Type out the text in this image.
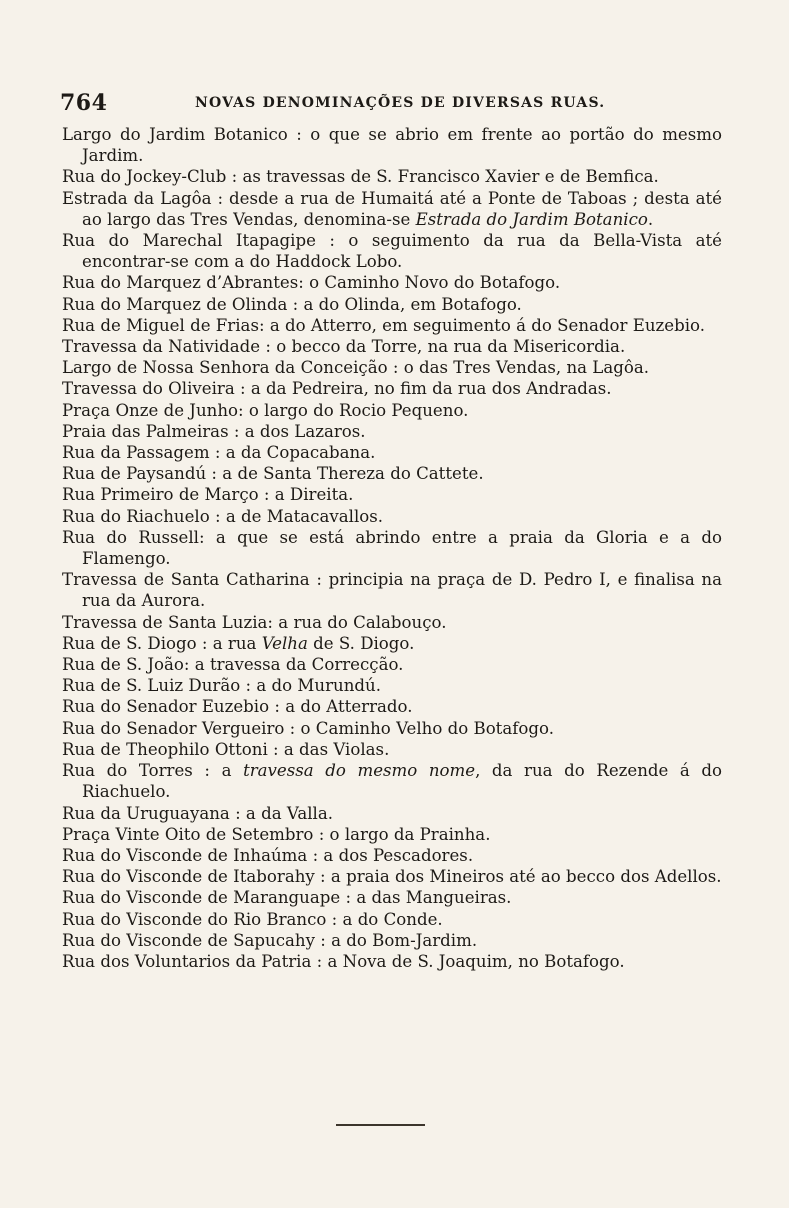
764	NOVAS DENOMINAÇÕES DE DIVERSAS RUAS.

Largo do Jardim Botanico : o que se abrio em frente ao portão do mesmo Jardim.

Rua do Jockey-Club : as travessas de S. Francisco Xavier e de Bemfica.

Estrada da Lagôa : desde a rua de Humaitá até a Ponte de Taboas ; desta até ao largo das Tres Vendas, denomina-se Estrada do Jardim Botanico.

Rua do Marechal Itapagipe : o seguimento da rua da Bella-Vista até encontrar-se com a do Haddock Lobo.

Rua do Marquez d’Abrantes: o Caminho Novo do Botafogo.

Rua do Marquez de Olinda : a do Olinda, em Botafogo.

Rua de Miguel de Frias: a do Atterro, em seguimento á do Senador Euzebio.

Travessa da Natividade : o becco da Torre, na rua da Misericordia.

Largo de Nossa Senhora da Conceição : o das Tres Vendas, na Lagôa.

Travessa do Oliveira : a da Pedreira, no fim da rua dos Andradas.

Praça Onze de Junho: o largo do Rocio Pequeno.

Praia das Palmeiras : a dos Lazaros.

Rua da Passagem : a da Copacabana.

Rua de Paysandú : a de Santa Thereza do Cattete.

Rua Primeiro de Março : a Direita.

Rua do Riachuelo : a de Matacavallos.

Rua do Russell: a que se está abrindo entre a praia da Gloria e a do Flamengo.

Travessa de Santa Catharina : principia na praça de D. Pedro I, e finalisa na rua da Aurora.

Travessa de Santa Luzia: a rua do Calabouço.

Rua de S. Diogo : a rua Velha de S. Diogo.

Rua de S. João: a travessa da Correcção.

Rua de S. Luiz Durão : a do Murundú.

Rua do Senador Euzebio : a do Atterrado.

Rua do Senador Vergueiro : o Caminho Velho do Botafogo.

Rua de Theophilo Ottoni : a das Violas.

Rua do Torres : a travessa do mesmo nome, da rua do Rezende á do Riachuelo.

Rua da Uruguayana : a da Valla.

Praça Vinte Oito de Setembro : o largo da Prainha.

Rua do Visconde de Inhaúma : a dos Pescadores.

Rua do Visconde de Itaborahy : a praia dos Mineiros até ao becco dos Adellos.

Rua do Visconde de Maranguape : a das Mangueiras.

Rua do Visconde do Rio Branco : a do Conde.

Rua do Visconde de Sapucahy : a do Bom-Jardim.

Rua dos Voluntarios da Patria : a Nova de S. Joaquim, no Botafogo.
